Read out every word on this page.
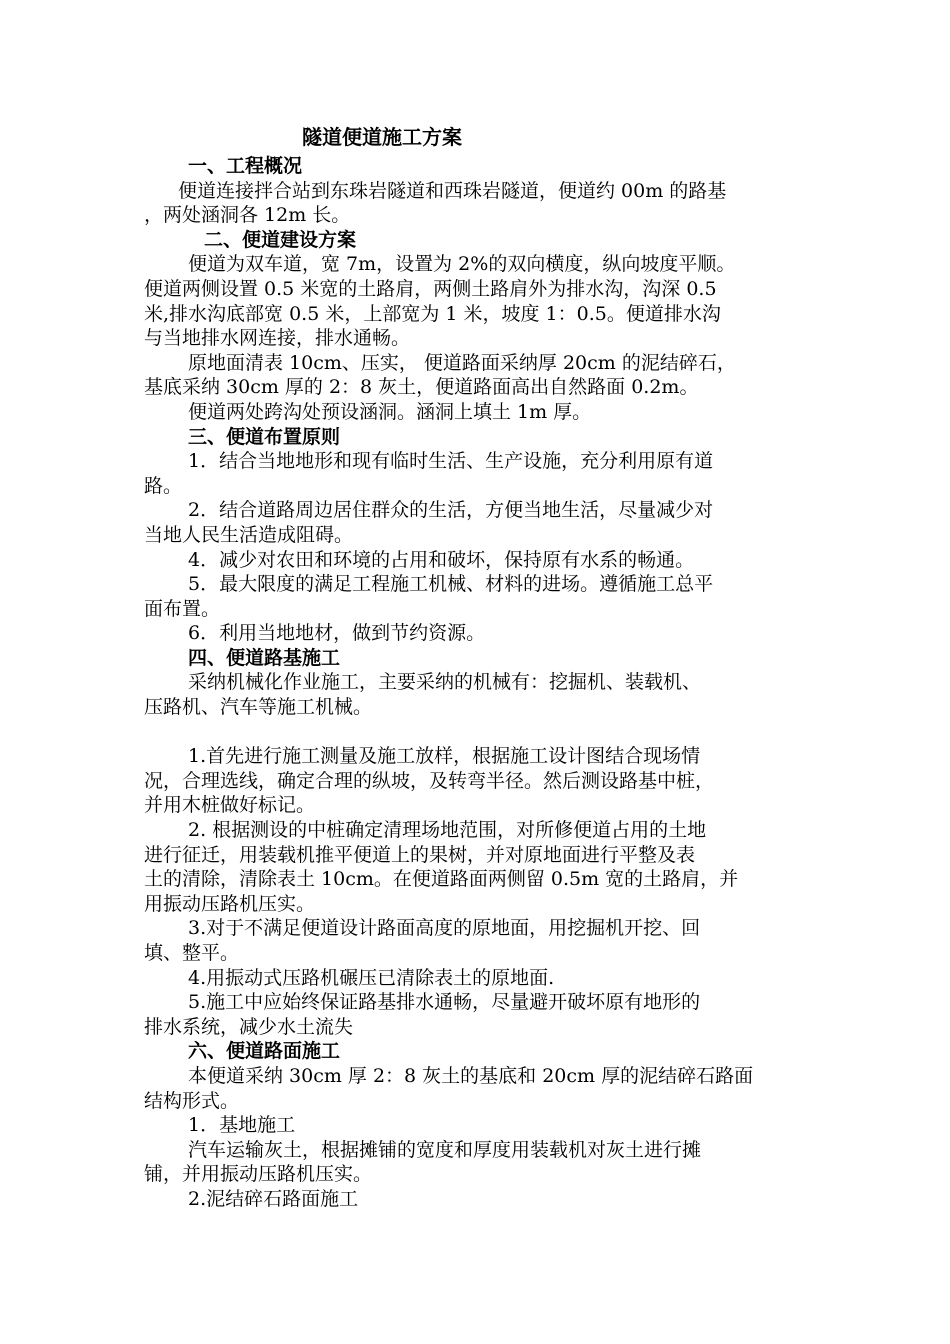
隧道便道施工方案
一、工程概况
便道连接拌合站到东珠岩隧道和西珠岩隧道，便道约 00m 的路基
，两处涵洞各 12m 长。
二、便道建设方案
便道为双车道，宽 7m，设置为 2%的双向横度，纵向坡度平顺。
便道两侧设置 0.5 米宽的土路肩，两侧土路肩外为排水沟，沟深 0.5
米,排水沟底部宽 0.5 米，上部宽为 1 米，坡度 1：0.5。便道排水沟
与当地排水网连接，排水通畅。
原地面清表 10cm、压实， 便道路面采纳厚 20cm 的泥结碎石，
基底采纳 30cm 厚的 2：8 灰土，便道路面高出自然路面 0.2m。
便道两处跨沟处预设涵洞。涵洞上填土 1m 厚。
三、便道布置原则
1．结合当地地形和现有临时生活、生产设施，充分利用原有道
路。
2．结合道路周边居住群众的生活，方便当地生活，尽量减少对
当地人民生活造成阻碍。
4．减少对农田和环境的占用和破坏，保持原有水系的畅通。
5．最大限度的满足工程施工机械、材料的进场。遵循施工总平
面布置。
6．利用当地地材，做到节约资源。
四、便道路基施工
采纳机械化作业施工，主要采纳的机械有：挖掘机、装载机、
压路机、汽车等施工机械。
1.首先进行施工测量及施工放样，根据施工设计图结合现场情
况，合理选线，确定合理的纵坡，及转弯半径。然后测设路基中桩，
并用木桩做好标记。
2. 根据测设的中桩确定清理场地范围，对所修便道占用的土地
进行征迁，用装载机推平便道上的果树，并对原地面进行平整及表
土的清除，清除表土 10cm。在便道路面两侧留 0.5m 宽的土路肩，并
用振动压路机压实。
3.对于不满足便道设计路面高度的原地面，用挖掘机开挖、回
填、整平。
4.用振动式压路机碾压已清除表土的原地面.
5.施工中应始终保证路基排水通畅，尽量避开破坏原有地形的
排水系统，减少水土流失
六、便道路面施工
本便道采纳 30cm 厚 2：8 灰土的基底和 20cm 厚的泥结碎石路面
结构形式。
1．基地施工
汽车运输灰土，根据摊铺的宽度和厚度用装载机对灰土进行摊
铺，并用振动压路机压实。
2.泥结碎石路面施工
